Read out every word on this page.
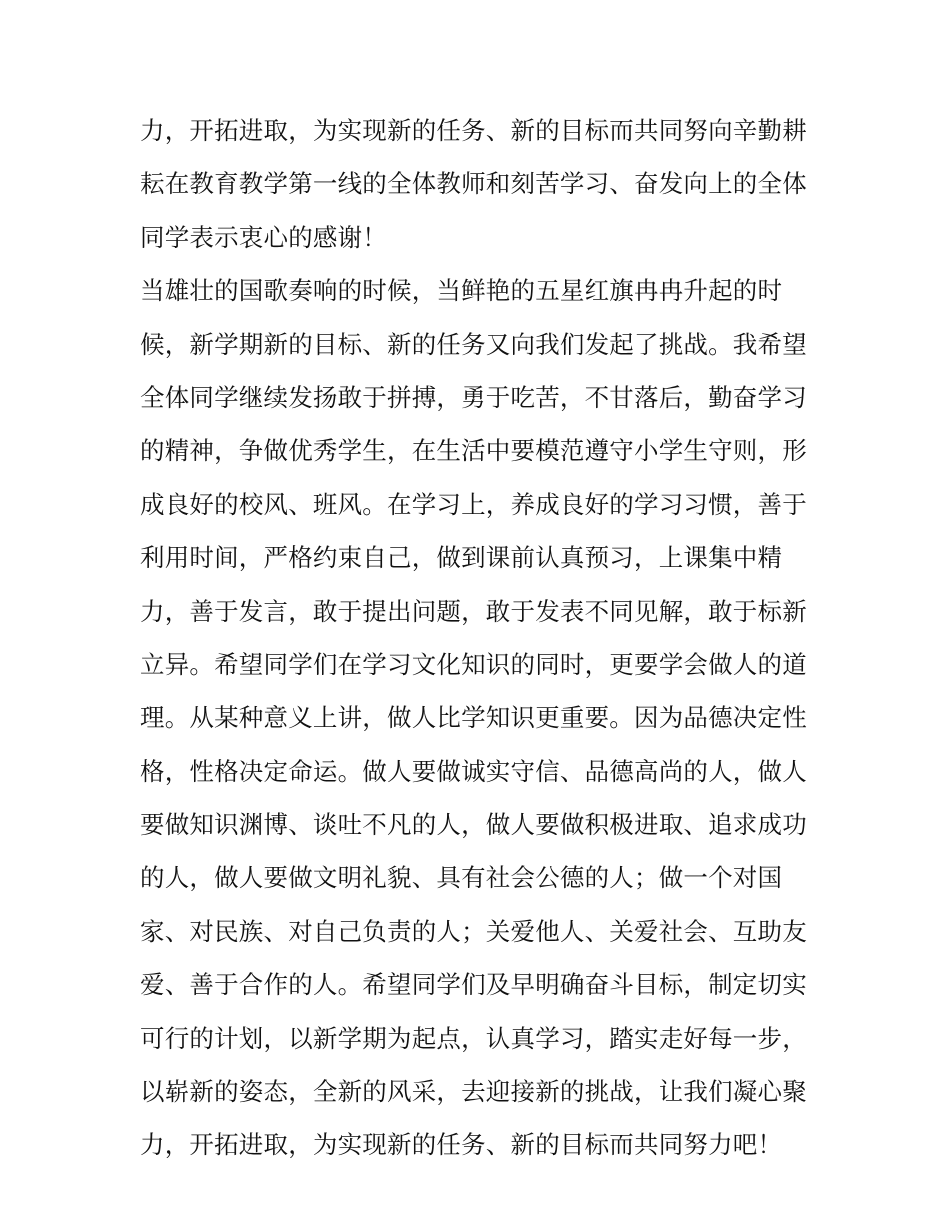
力，开拓进取，为实现新的任务、新的目标而共同努向辛勤耕
耘在教育教学第一线的全体教师和刻苦学习、奋发向上的全体
同学表示衷心的感谢！
当雄壮的国歌奏响的时候，当鲜艳的五星红旗冉冉升起的时
候，新学期新的目标、新的任务又向我们发起了挑战。我希望
全体同学继续发扬敢于拼搏，勇于吃苦，不甘落后，勤奋学习
的精神，争做优秀学生，在生活中要模范遵守小学生守则，形
成良好的校风、班风。在学习上，养成良好的学习习惯，善于
利用时间，严格约束自己，做到课前认真预习，上课集中精
力，善于发言，敢于提出问题，敢于发表不同见解，敢于标新
立异。希望同学们在学习文化知识的同时，更要学会做人的道
理。从某种意义上讲，做人比学知识更重要。因为品德决定性
格，性格决定命运。做人要做诚实守信、品德高尚的人，做人
要做知识渊博、谈吐不凡的人，做人要做积极进取、追求成功
的人，做人要做文明礼貌、具有社会公德的人；做一个对国
家、对民族、对自己负责的人；关爱他人、关爱社会、互助友
爱、善于合作的人。希望同学们及早明确奋斗目标，制定切实
可行的计划，以新学期为起点，认真学习，踏实走好每一步，
以崭新的姿态，全新的风采，去迎接新的挑战，让我们凝心聚
力，开拓进取，为实现新的任务、新的目标而共同努力吧！
